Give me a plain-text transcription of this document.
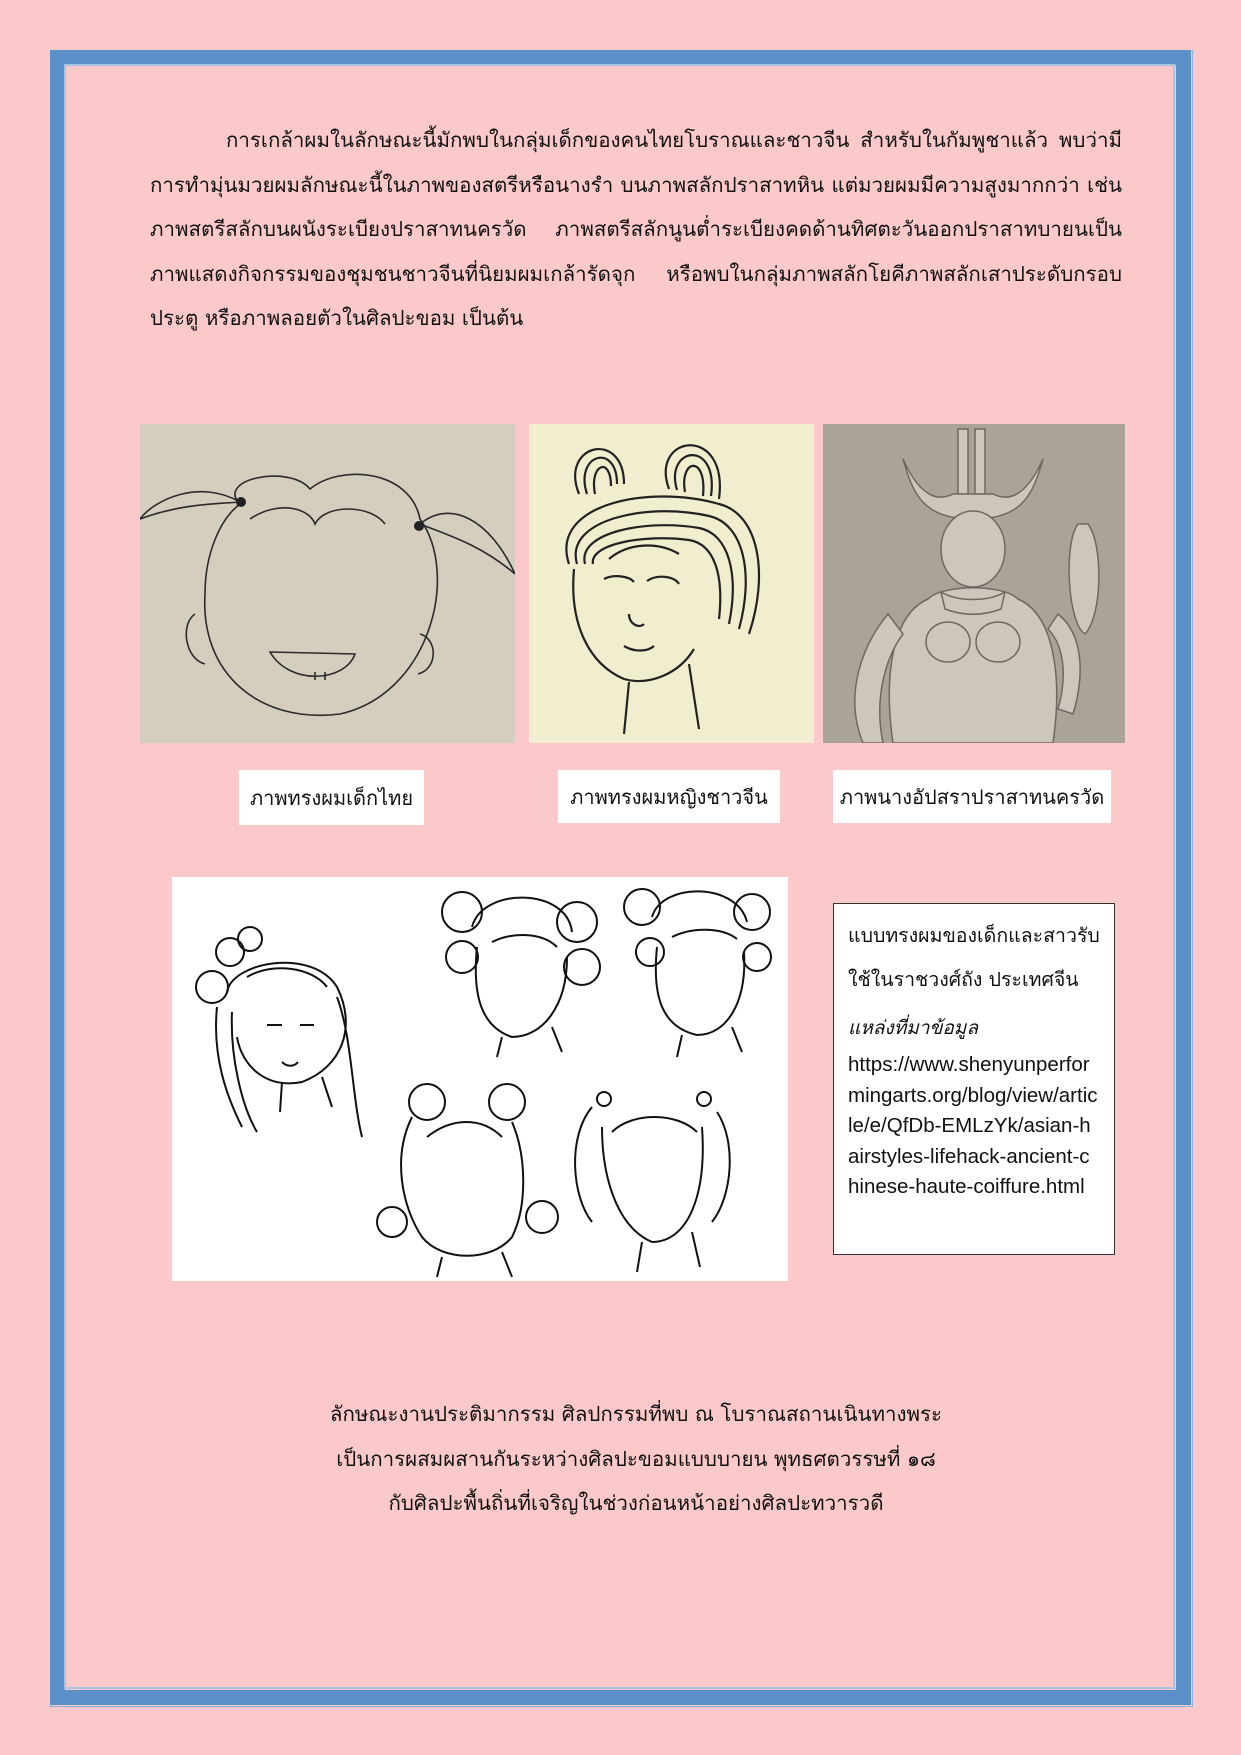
การเกล้าผมในลักษณะนี้มักพบในกลุ่มเด็กของคนไทยโบราณและชาวจีน สำหรับในกัมพูชาแล้ว พบว่ามี
การทำมุ่นมวยผมลักษณะนี้ในภาพของสตรีหรือนางรำ บนภาพสลักปราสาทหิน แต่มวยผมมีความสูงมากกว่า เช่น
ภาพสตรีสลักบนผนังระเบียงปราสาทนครวัด ภาพสตรีสลักนูนต่ำระเบียงคดด้านทิศตะวันออกปราสาทบายนเป็น
ภาพแสดงกิจกรรมของชุมชนชาวจีนที่นิยมผมเกล้ารัดจุก หรือพบในกลุ่มภาพสลักโยคีภาพสลักเสาประดับกรอบ
ประตู หรือภาพลอยตัวในศิลปะขอม เป็นต้น
ภาพทรงผมเด็กไทย	ภาพทรงผมหญิงชาวจีน	ภาพนางอัปสราปราสาทนครวัด
แบบทรงผมของเด็กและสาวรับ
ใช้ในราชวงศ์ถัง ประเทศจีน
แหล่งที่มาข้อมูล
https://www.shenyunperformingarts.org/blog/view/article/e/QfDb-EMLzYk/asian-hairstyles-lifehack-ancient-chinese-haute-coiffure.html
ลักษณะงานประติมากรรม ศิลปกรรมที่พบ ณ โบราณสถานเนินทางพระ
เป็นการผสมผสานกันระหว่างศิลปะขอมแบบบายน พุทธศตวรรษที่ ๑๘
กับศิลปะพื้นถิ่นที่เจริญในช่วงก่อนหน้าอย่างศิลปะทวารวดี
